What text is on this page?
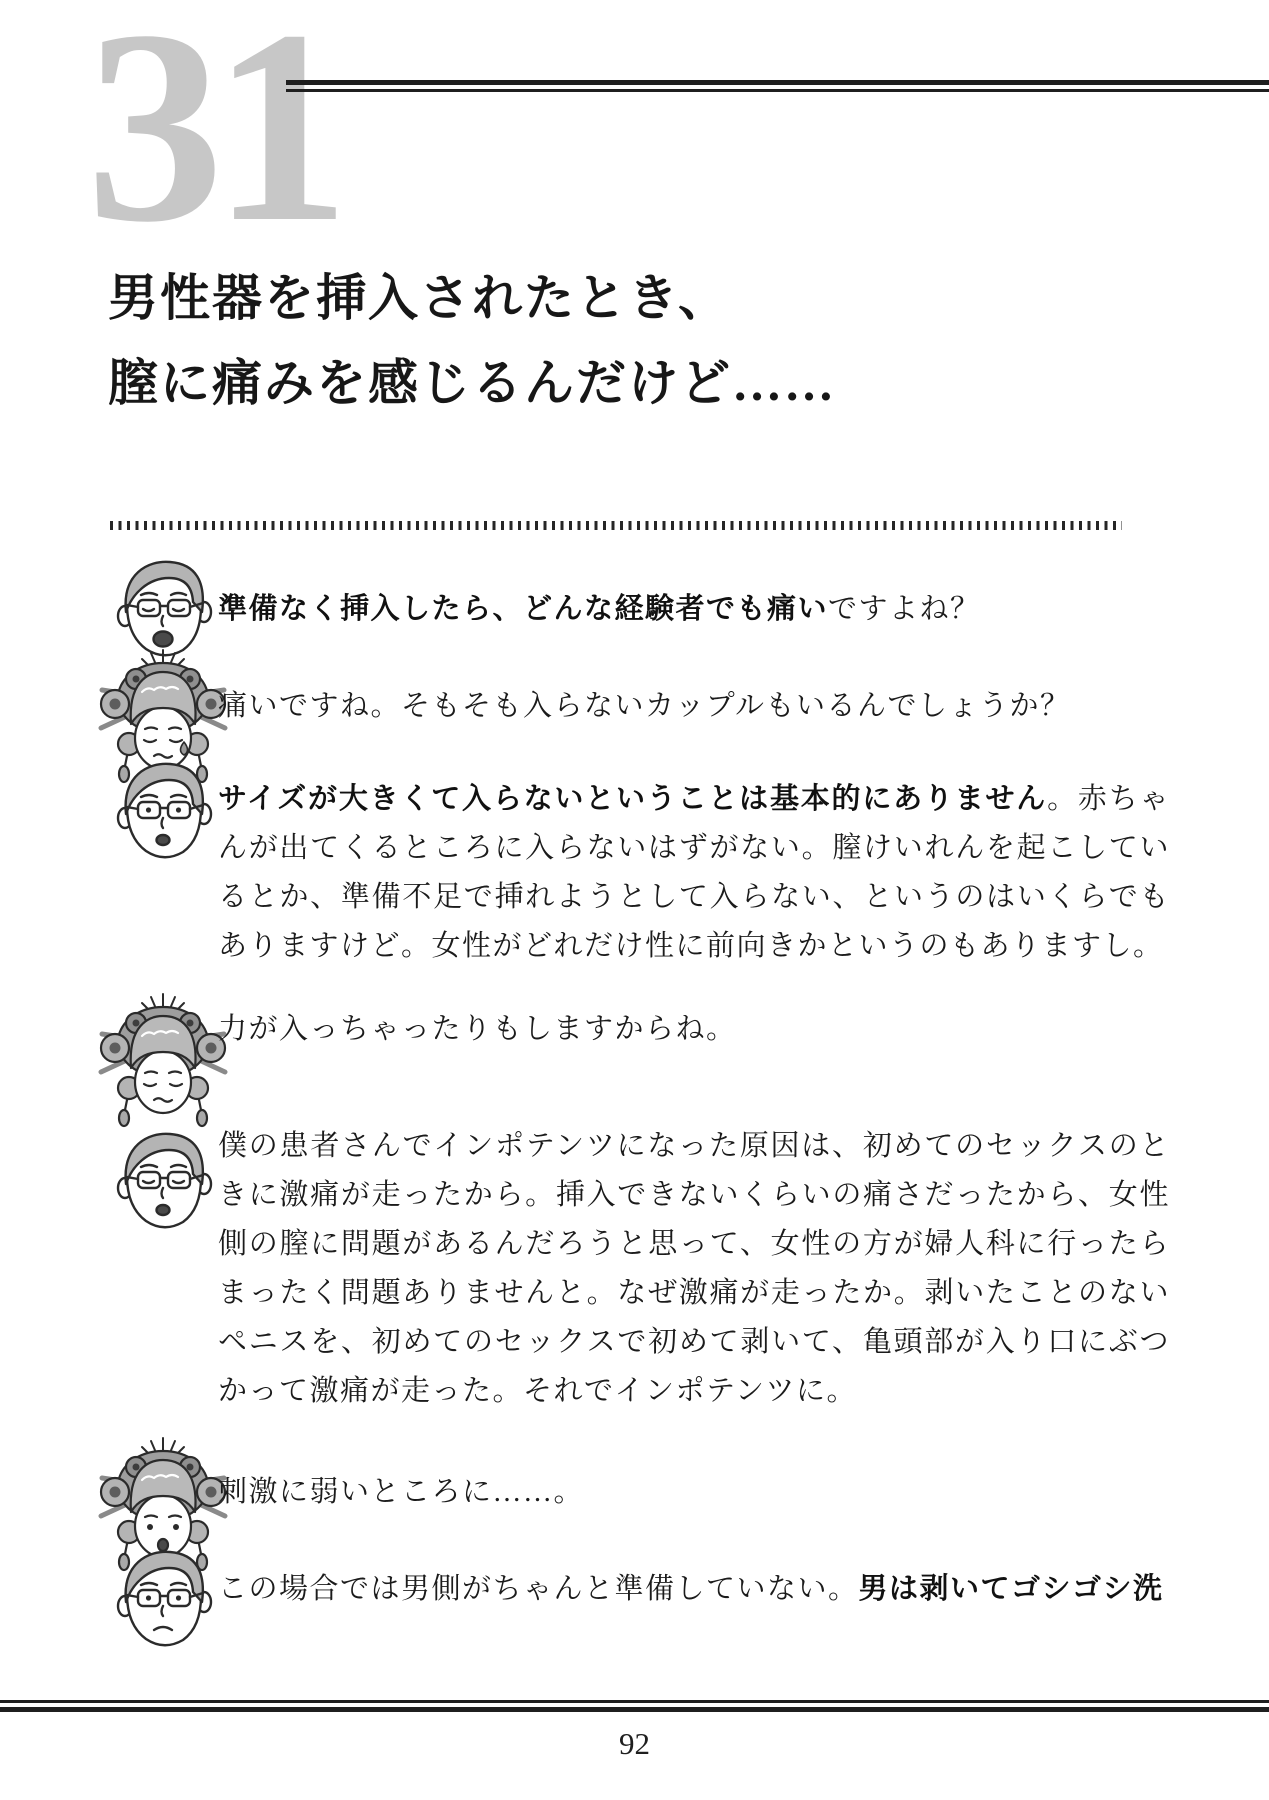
31
男性器を挿入されたとき、
膣に痛みを感じるんだけど……
準備なく挿入したら、どんな経験者でも痛いですよね？
痛いですね。そもそも入らないカップルもいるんでしょうか？
サイズが大きくて入らないということは基本的にありません。赤ちゃんが出てくるところに入らないはずがない。膣けいれんを起こしているとか、準備不足で挿れようとして入らない、というのはいくらでもありますけど。女性がどれだけ性に前向きかというのもありますし。
力が入っちゃったりもしますからね。
僕の患者さんでインポテンツになった原因は、初めてのセックスのときに激痛が走ったから。挿入できないくらいの痛さだったから、女性側の膣に問題があるんだろうと思って、女性の方が婦人科に行ったらまったく問題ありませんと。なぜ激痛が走ったか。剥いたことのないペニスを、初めてのセックスで初めて剥いて、亀頭部が入り口にぶつかって激痛が走った。それでインポテンツに。
刺激に弱いところに……。
この場合では男側がちゃんと準備していない。男は剥いてゴシゴシ洗
92
